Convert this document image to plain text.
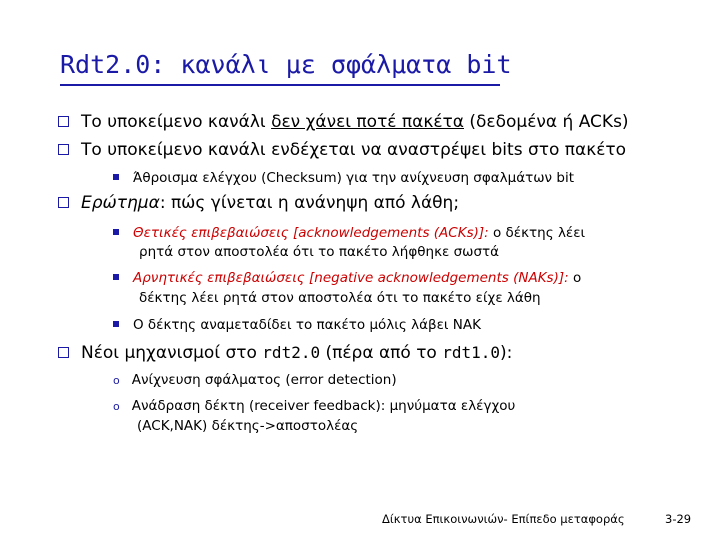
Rdt2.0: κανάλι με σφάλματα bit
Το υποκείμενο κανάλι δεν χάνει ποτέ πακέτα (δεδομένα ή ACKs)
Το υποκείμενο κανάλι ενδέχεται να αναστρέψει bits στο πακέτο
Άθροισμα ελέγχου (Checksum) για την ανίχνευση σφαλμάτων bit
Ερώτημα: πώς γίνεται η ανάνηψη από λάθη;
Θετικές επιβεβαιώσεις [acknowledgements (ACKs)]: ο δέκτης λέει
ρητά στον αποστολέα ότι το πακέτο λήφθηκε σωστά
Αρνητικές επιβεβαιώσεις [negative acknowledgements (NAKs)]: ο
δέκτης λέει ρητά στον αποστολέα ότι το πακέτο είχε λάθη
Ο δέκτης αναμεταδίδει το πακέτο μόλις λάβει NAK
Νέοι μηχανισμοί στο rdt2.0 (πέρα από το rdt1.0):
o Ανίχνευση σφάλματος (error detection)
o Ανάδραση δέκτη (receiver feedback): μηνύματα ελέγχου
(ACK,NAK) δέκτης->αποστολέας
Δίκτυα Επικοινωνιών- Επίπεδο μεταφοράς	3-29
